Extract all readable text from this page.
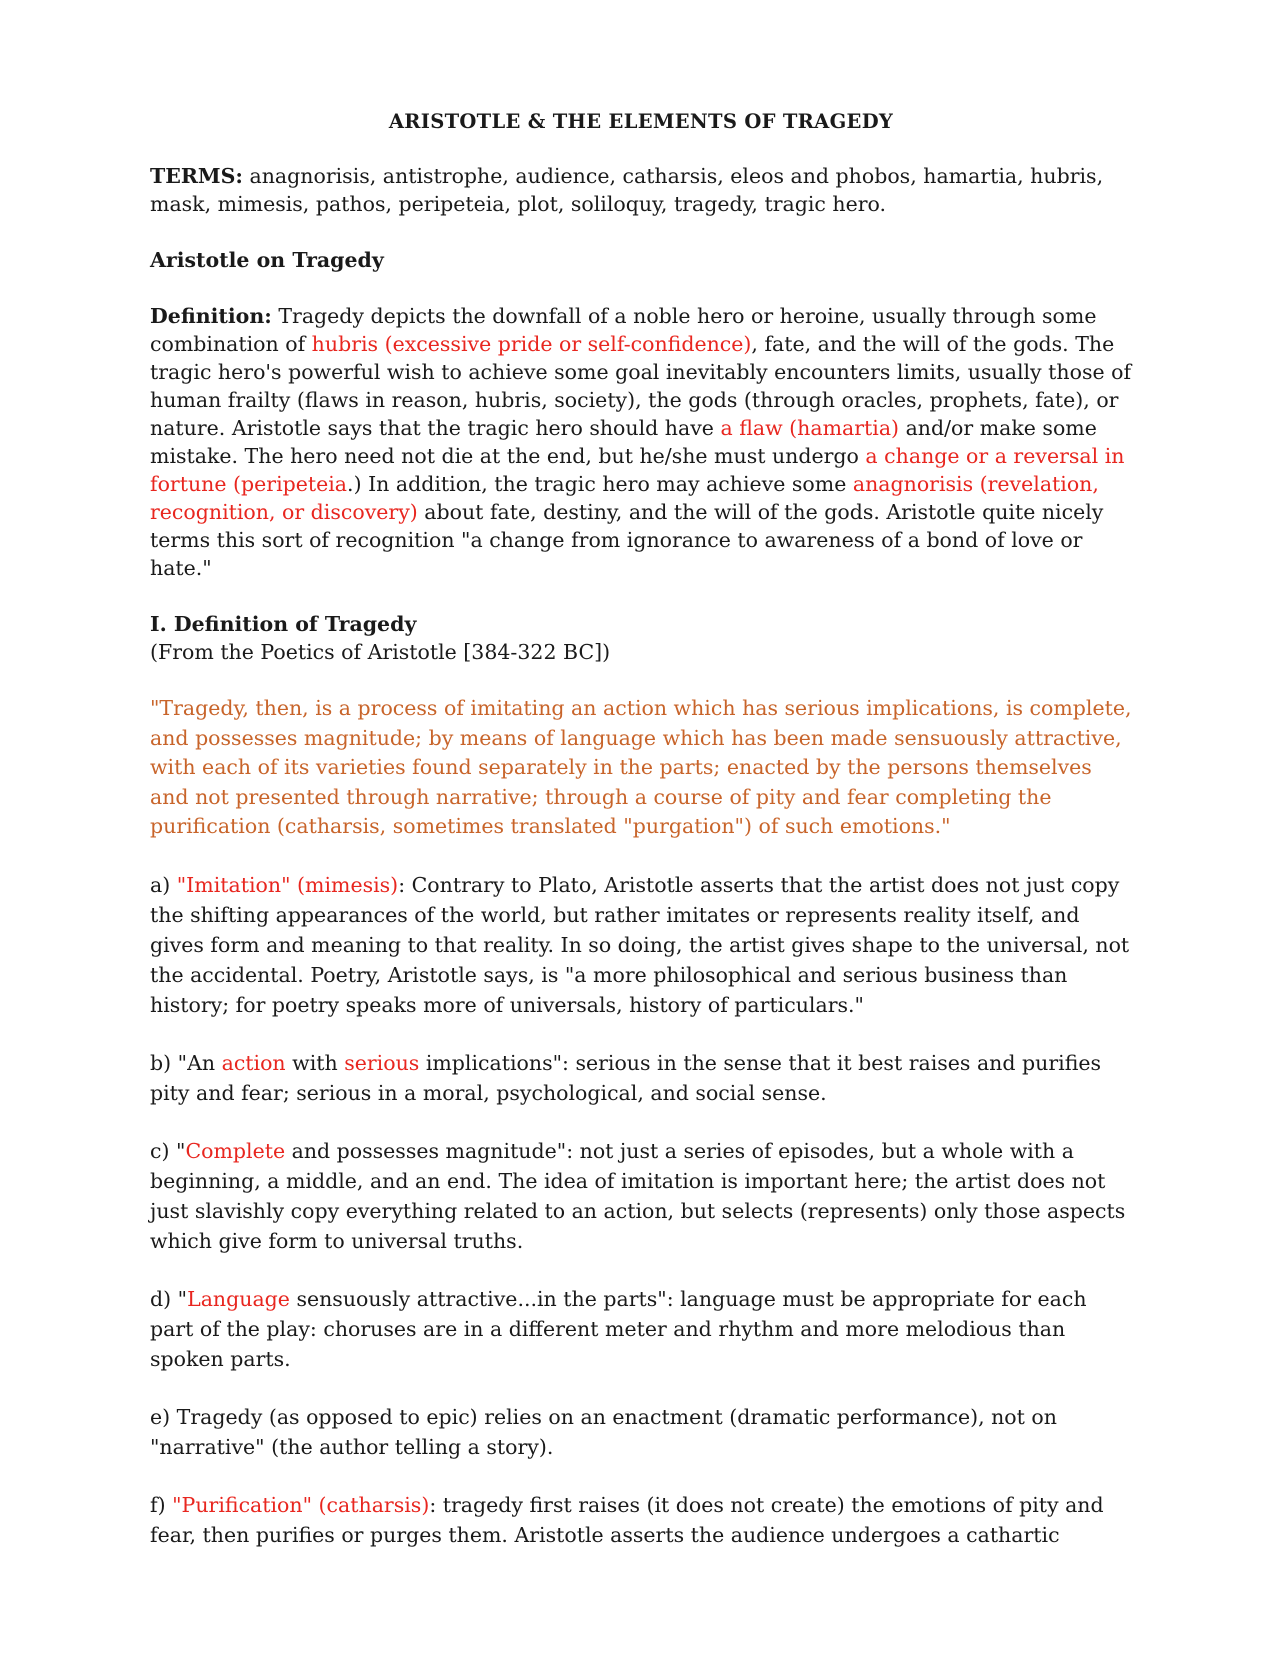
ARISTOTLE & THE ELEMENTS OF TRAGEDY

TERMS: anagnorisis, antistrophe, audience, catharsis, eleos and phobos, hamartia, hubris, mask, mimesis, pathos, peripeteia, plot, soliloquy, tragedy, tragic hero.

Aristotle on Tragedy

Definition: Tragedy depicts the downfall of a noble hero or heroine, usually through some combination of hubris (excessive pride or self-confidence), fate, and the will of the gods. The tragic hero's powerful wish to achieve some goal inevitably encounters limits, usually those of human frailty (flaws in reason, hubris, society), the gods (through oracles, prophets, fate), or nature. Aristotle says that the tragic hero should have a flaw (hamartia) and/or make some mistake. The hero need not die at the end, but he/she must undergo a change or a reversal in fortune (peripeteia.) In addition, the tragic hero may achieve some anagnorisis (revelation, recognition, or discovery) about fate, destiny, and the will of the gods. Aristotle quite nicely terms this sort of recognition "a change from ignorance to awareness of a bond of love or hate."

I. Definition of Tragedy

(From the Poetics of Aristotle [384-322 BC])

"Tragedy, then, is a process of imitating an action which has serious implications, is complete, and possesses magnitude; by means of language which has been made sensuously attractive, with each of its varieties found separately in the parts; enacted by the persons themselves and not presented through narrative; through a course of pity and fear completing the purification (catharsis, sometimes translated "purgation") of such emotions."

a) "Imitation" (mimesis): Contrary to Plato, Aristotle asserts that the artist does not just copy the shifting appearances of the world, but rather imitates or represents reality itself, and gives form and meaning to that reality. In so doing, the artist gives shape to the universal, not the accidental. Poetry, Aristotle says, is "a more philosophical and serious business than history; for poetry speaks more of universals, history of particulars."

b) "An action with serious implications": serious in the sense that it best raises and purifies pity and fear; serious in a moral, psychological, and social sense.

c) "Complete and possesses magnitude": not just a series of episodes, but a whole with a beginning, a middle, and an end. The idea of imitation is important here; the artist does not just slavishly copy everything related to an action, but selects (represents) only those aspects which give form to universal truths.

d) "Language sensuously attractive...in the parts": language must be appropriate for each part of the play: choruses are in a different meter and rhythm and more melodious than spoken parts.

e) Tragedy (as opposed to epic) relies on an enactment (dramatic performance), not on "narrative" (the author telling a story).

f) "Purification" (catharsis): tragedy first raises (it does not create) the emotions of pity and fear, then purifies or purges them. Aristotle asserts the audience undergoes a cathartic
